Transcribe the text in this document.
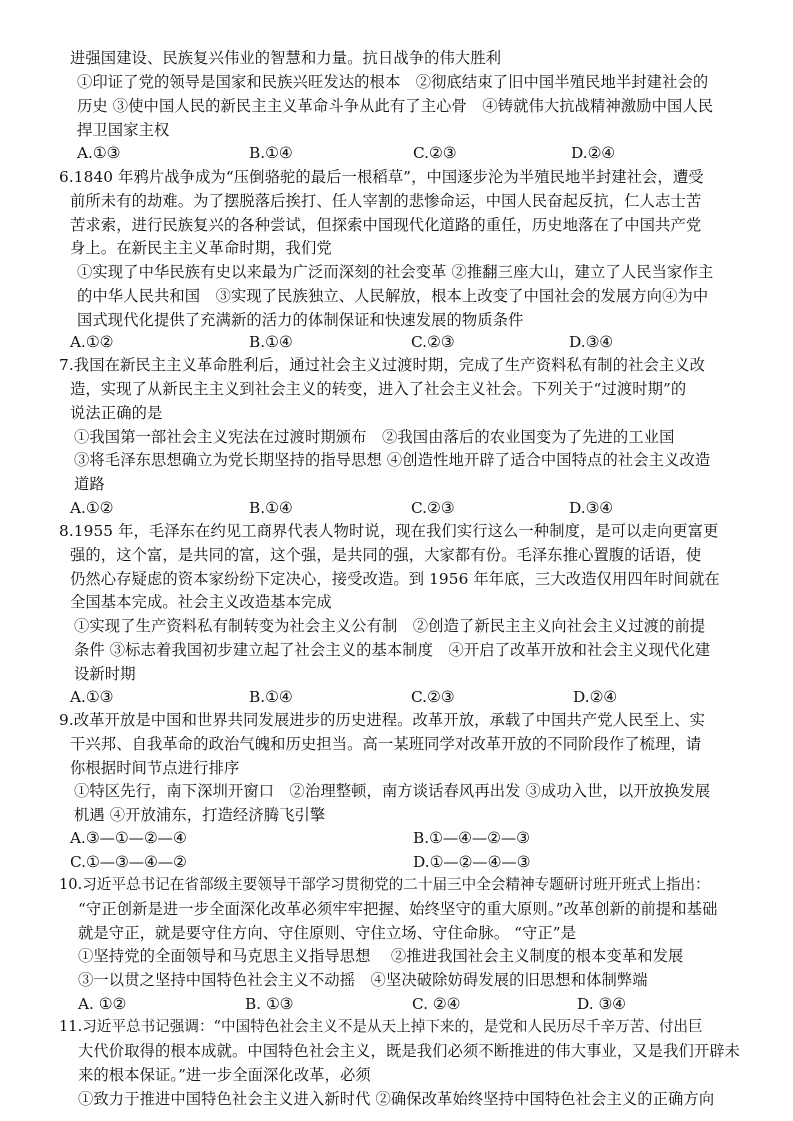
进强国建设、民族复兴伟业的智慧和力量。抗日战争的伟大胜利
①印证了党的领导是国家和民族兴旺发达的根本　②彻底结束了旧中国半殖民地半封建社会的
历史 ③使中国人民的新民主主义革命斗争从此有了主心骨　④铸就伟大抗战精神激励中国人民
捍卫国家主权
A.①③	B.①④	C.②③	D.②④
6.1840 年鸦片战争成为“压倒骆驼的最后一根稻草”，中国逐步沦为半殖民地半封建社会，遭受
前所未有的劫难。为了摆脱落后挨打、任人宰割的悲惨命运，中国人民奋起反抗，仁人志士苦
苦求索，进行民族复兴的各种尝试，但探索中国现代化道路的重任，历史地落在了中国共产党
身上。在新民主主义革命时期，我们党
①实现了中华民族有史以来最为广泛而深刻的社会变革 ②推翻三座大山，建立了人民当家作主
的中华人民共和国　③实现了民族独立、人民解放，根本上改变了中国社会的发展方向④为中
国式现代化提供了充满新的活力的体制保证和快速发展的物质条件
A.①②	B.①④	C.②③	D.③④
7.我国在新民主主义革命胜利后，通过社会主义过渡时期，完成了生产资料私有制的社会主义改
造，实现了从新民主主义到社会主义的转变，进入了社会主义社会。下列关于“过渡时期”的
说法正确的是
①我国第一部社会主义宪法在过渡时期颁布　②我国由落后的农业国变为了先进的工业国
③将毛泽东思想确立为党长期坚持的指导思想 ④创造性地开辟了适合中国特点的社会主义改造
道路
A.①②	B.①④	C.②③	D.③④
8.1955 年，毛泽东在约见工商界代表人物时说，现在我们实行这么一种制度，是可以走向更富更
强的，这个富，是共同的富，这个强，是共同的强，大家都有份。毛泽东推心置腹的话语，使
仍然心存疑虑的资本家纷纷下定决心，接受改造。到 1956 年年底，三大改造仅用四年时间就在
全国基本完成。社会主义改造基本完成
①实现了生产资料私有制转变为社会主义公有制　②创造了新民主主义向社会主义过渡的前提
条件 ③标志着我国初步建立起了社会主义的基本制度　④开启了改革开放和社会主义现代化建
设新时期
A.①③	B.①④	C.②③	D.②④
9.改革开放是中国和世界共同发展进步的历史进程。改革开放，承载了中国共产党人民至上、实
干兴邦、自我革命的政治气魄和历史担当。高一某班同学对改革开放的不同阶段作了梳理，请
你根据时间节点进行排序
①特区先行，南下深圳开窗口　②治理整顿，南方谈话春风再出发 ③成功入世，以开放换发展
机遇 ④开放浦东，打造经济腾飞引擎
A.③—①—②—④	B.①—④—②—③
C.①—③—④—②	D.①—②—④—③
10.习近平总书记在省部级主要领导干部学习贯彻党的二十届三中全会精神专题研讨班开班式上指出：
“守正创新是进一步全面深化改革必须牢牢把握、始终坚守的重大原则。”改革创新的前提和基础
就是守正，就是要守住方向、守住原则、守住立场、守住命脉。 “守正”是
①坚持党的全面领导和马克思主义指导思想　 ②推进我国社会主义制度的根本变革和发展
③一以贯之坚持中国特色社会主义不动摇　④坚决破除妨碍发展的旧思想和体制弊端
A. ①②	B. ①③	C. ②④	D. ③④
11.习近平总书记强调：“中国特色社会主义不是从天上掉下来的，是党和人民历尽千辛万苦、付出巨
大代价取得的根本成就。中国特色社会主义，既是我们必须不断推进的伟大事业，又是我们开辟未
来的根本保证。”进一步全面深化改革，必须
①致力于推进中国特色社会主义进入新时代 ②确保改革始终坚持中国特色社会主义的正确方向
